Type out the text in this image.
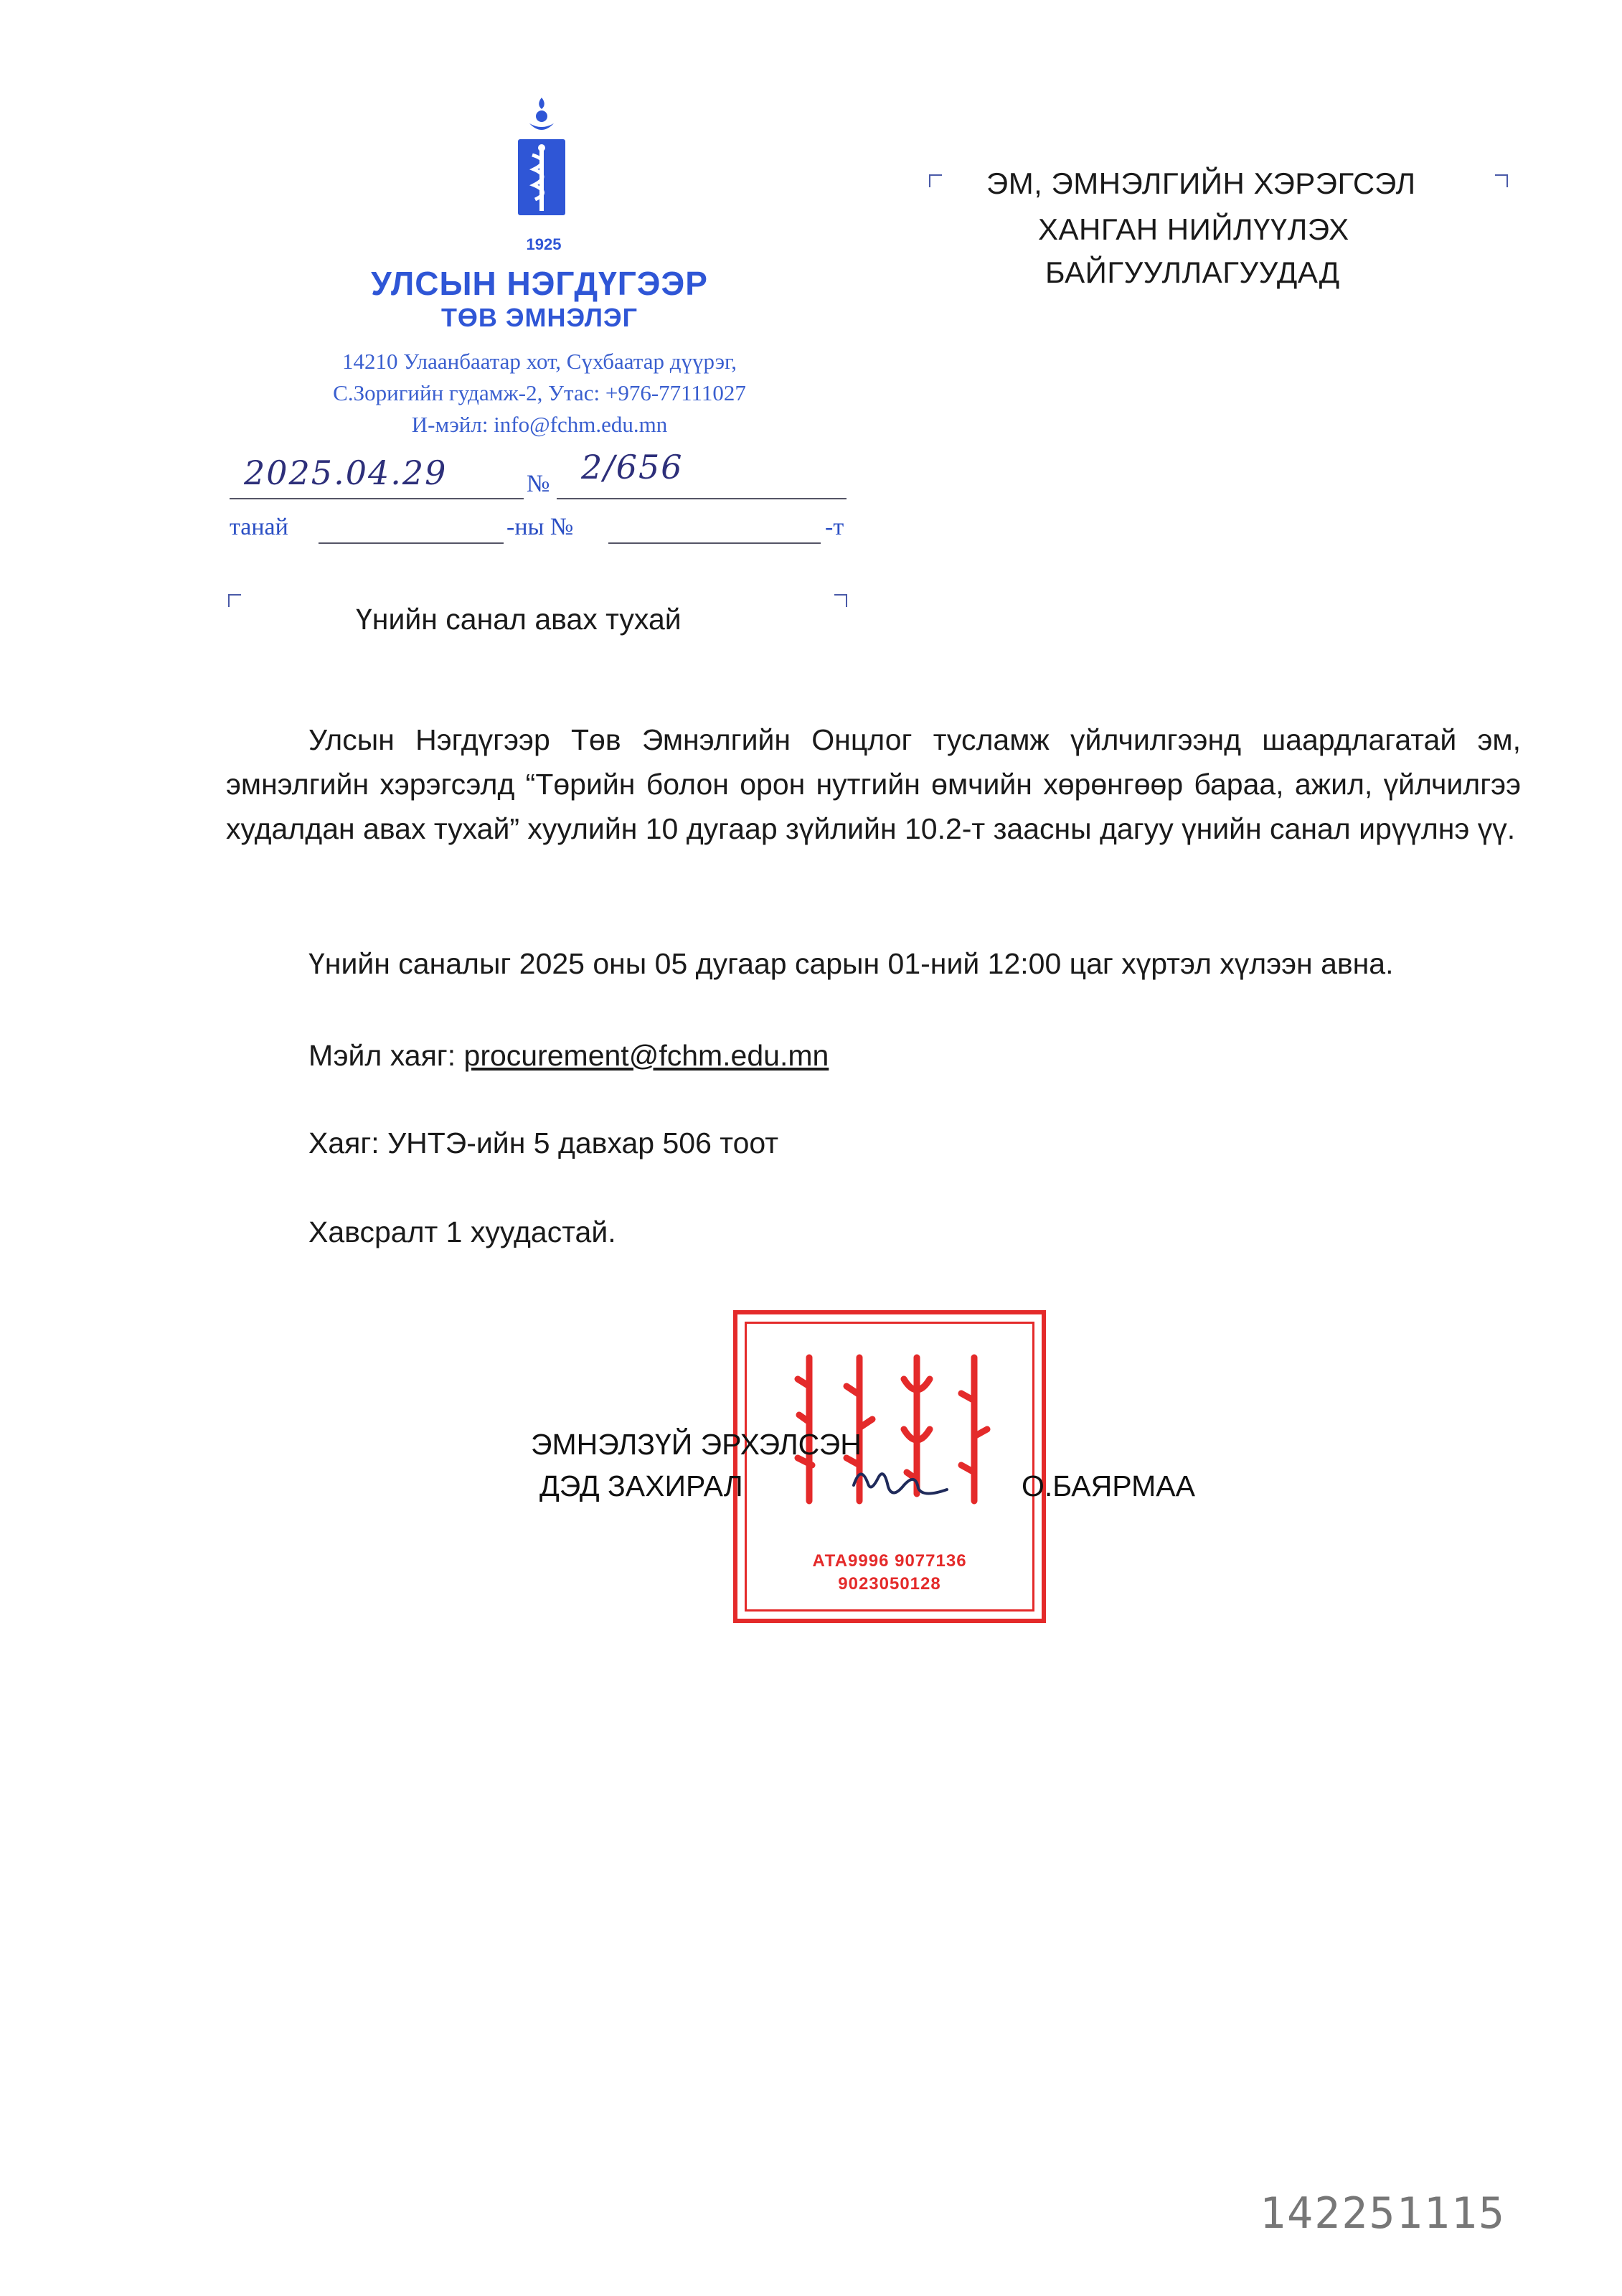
1925
УЛСЫН НЭГДҮГЭЭР
ТӨВ ЭМНЭЛЭГ
14210 Улаанбаатар хот, Сүхбаатар дүүрэг,
С.Зоригийн гудамж-2, Утас: +976-77111027
И-мэйл: info@fchm.edu.mn
2025.04.29	№ 2/656
танай	-ны №	-т
ЭМ, ЭМНЭЛГИЙН ХЭРЭГСЭЛ
ХАНГАН НИЙЛҮҮЛЭХ
БАЙГУУЛЛАГУУДАД
Үнийн санал авах тухай
Улсын Нэгдүгээр Төв Эмнэлгийн Онцлог тусламж үйлчилгээнд шаардлагатай эм, эмнэлгийн хэрэгсэлд “Төрийн болон орон нутгийн өмчийн хөрөнгөөр бараа, ажил, үйлчилгээ худалдан авах тухай” хуулийн 10 дугаар зүйлийн 10.2-т заасны дагуу үнийн санал ирүүлнэ үү.
Үнийн саналыг 2025 оны 05 дугаар сарын 01-ний 12:00 цаг хүртэл хүлээн авна.
Мэйл хаяг: procurement@fchm.edu.mn
Хаяг: УНТЭ-ийн 5 давхар 506 тоот
Хавсралт 1 хуудастай.
АТА9996 9077136
9023050128
ЭМНЭЛЗҮЙ ЭРХЭЛСЭН
ДЭД ЗАХИРАЛ	О.БАЯРМАА
142251115
